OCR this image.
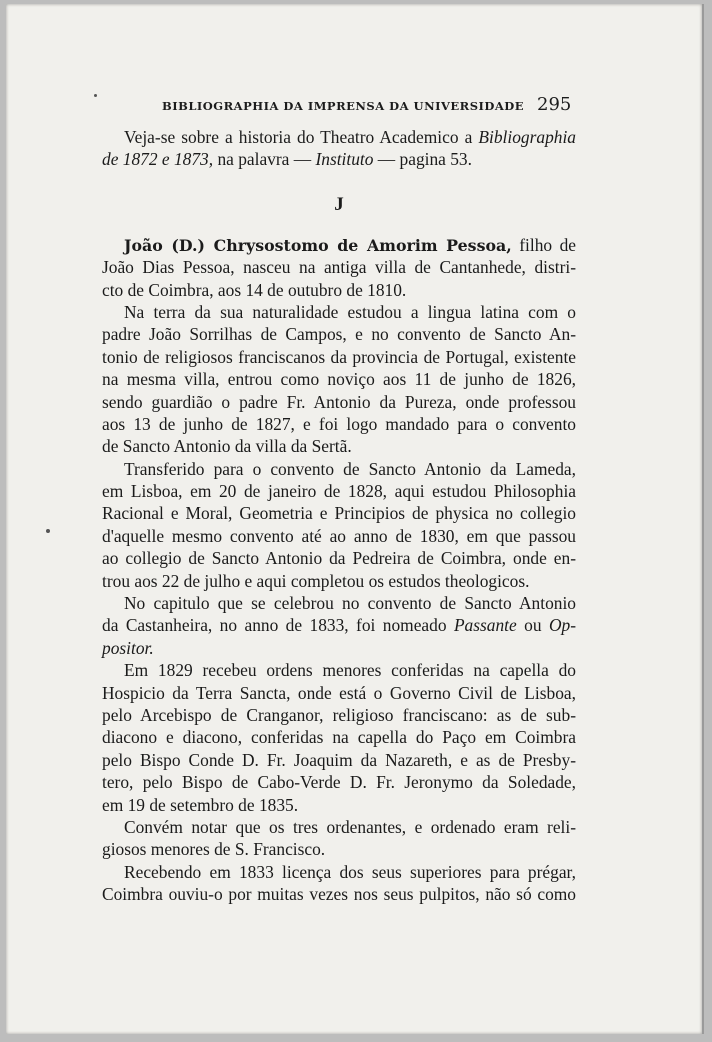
BIBLIOGRAPHIA DA IMPRENSA DA UNIVERSIDADE 295
Veja-se sobre a historia do Theatro Academico a Bibliographia
de 1872 e 1873, na palavra — Instituto — pagina 53.
J
João (D.) Chrysostomo de Amorim Pessoa, filho de
João Dias Pessoa, nasceu na antiga villa de Cantanhede, distri-
cto de Coimbra, aos 14 de outubro de 1810.
Na terra da sua naturalidade estudou a lingua latina com o
padre João Sorrilhas de Campos, e no convento de Sancto An-
tonio de religiosos franciscanos da provincia de Portugal, existente
na mesma villa, entrou como noviço aos 11 de junho de 1826,
sendo guardião o padre Fr. Antonio da Pureza, onde professou
aos 13 de junho de 1827, e foi logo mandado para o convento
de Sancto Antonio da villa da Sertã.
Transferido para o convento de Sancto Antonio da Lameda,
em Lisboa, em 20 de janeiro de 1828, aqui estudou Philosophia
Racional e Moral, Geometria e Principios de physica no collegio
d'aquelle mesmo convento até ao anno de 1830, em que passou
ao collegio de Sancto Antonio da Pedreira de Coimbra, onde en-
trou aos 22 de julho e aqui completou os estudos theologicos.
No capitulo que se celebrou no convento de Sancto Antonio
da Castanheira, no anno de 1833, foi nomeado Passante ou Op-
positor.
Em 1829 recebeu ordens menores conferidas na capella do
Hospicio da Terra Sancta, onde está o Governo Civil de Lisboa,
pelo Arcebispo de Cranganor, religioso franciscano: as de sub-
diacono e diacono, conferidas na capella do Paço em Coimbra
pelo Bispo Conde D. Fr. Joaquim da Nazareth, e as de Presby-
tero, pelo Bispo de Cabo-Verde D. Fr. Jeronymo da Soledade,
em 19 de setembro de 1835.
Convém notar que os tres ordenantes, e ordenado eram reli-
giosos menores de S. Francisco.
Recebendo em 1833 licença dos seus superiores para prégar,
Coimbra ouviu-o por muitas vezes nos seus pulpitos, não só como
